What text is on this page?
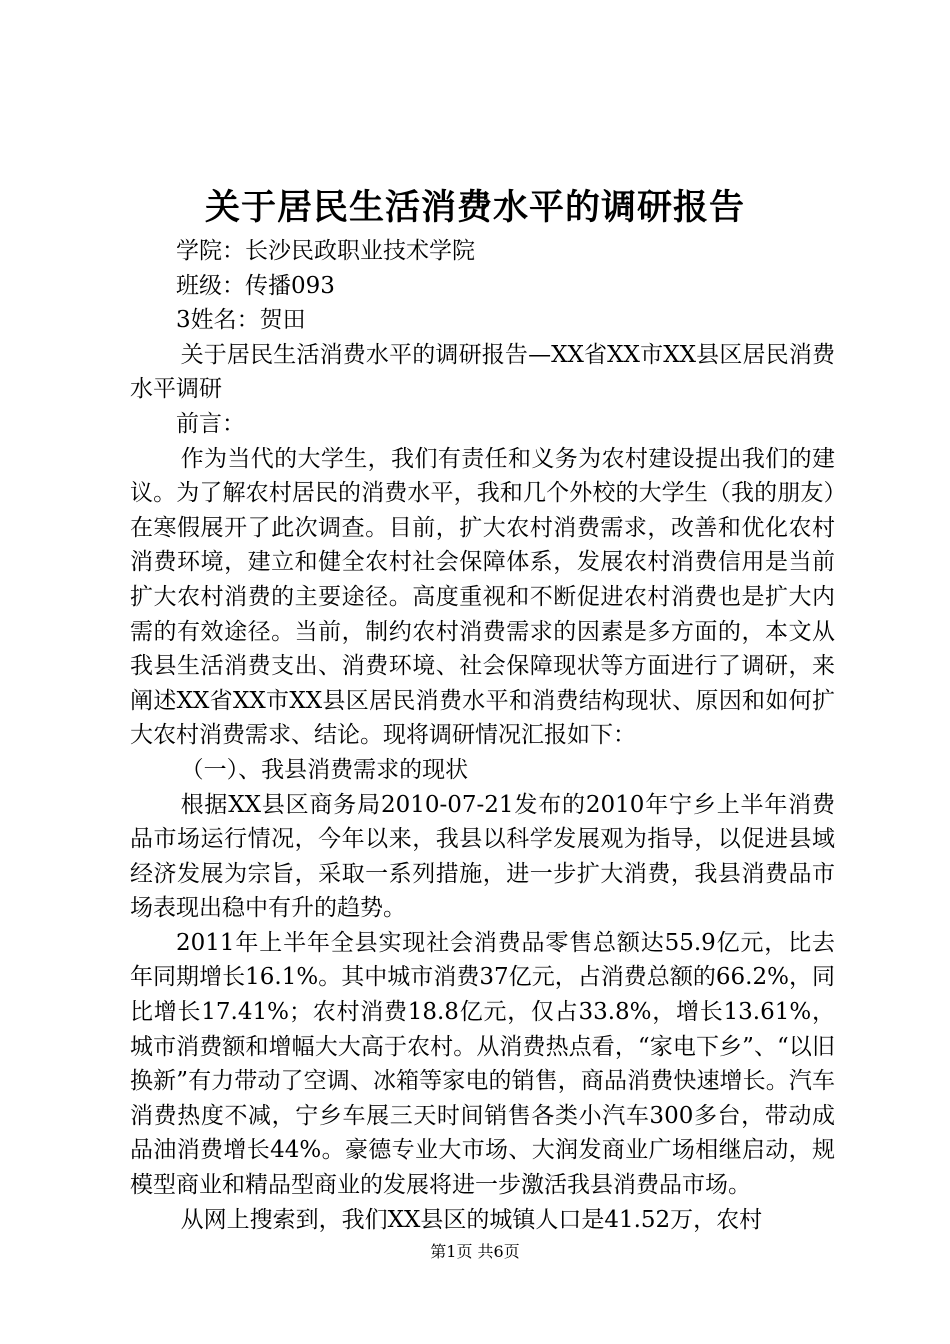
关于居民生活消费水平的调研报告

学院：长沙民政职业技术学院

班级：传播093

3姓名：贺田

关于居民生活消费水平的调研报告—XX省XX市XX县区居民消费水平调研

前言：

作为当代的大学生，我们有责任和义务为农村建设提出我们的建议。为了解农村居民的消费水平，我和几个外校的大学生（我的朋友）在寒假展开了此次调查。目前，扩大农村消费需求，改善和优化农村消费环境，建立和健全农村社会保障体系，发展农村消费信用是当前扩大农村消费的主要途径。高度重视和不断促进农村消费也是扩大内需的有效途径。当前，制约农村消费需求的因素是多方面的，本文从我县生活消费支出、消费环境、社会保障现状等方面进行了调研，来阐述XX省XX市XX县区居民消费水平和消费结构现状、原因和如何扩大农村消费需求、结论。现将调研情况汇报如下：

（一）、我县消费需求的现状

根据XX县区商务局2010-07-21发布的2010年宁乡上半年消费品市场运行情况，今年以来，我县以科学发展观为指导，以促进县域经济发展为宗旨，采取一系列措施，进一步扩大消费，我县消费品市场表现出稳中有升的趋势。

2011年上半年全县实现社会消费品零售总额达55.9亿元，比去年同期增长16.1%。其中城市消费37亿元，占消费总额的66.2%，同比增长17.41%；农村消费18.8亿元，仅占33.8%，增长13.61%，城市消费额和增幅大大高于农村。从消费热点看，“家电下乡”、“以旧换新”有力带动了空调、冰箱等家电的销售，商品消费快速增长。汽车消费热度不减，宁乡车展三天时间销售各类小汽车300多台，带动成品油消费增长44%。豪德专业大市场、大润发商业广场相继启动，规模型商业和精品型商业的发展将进一步激活我县消费品市场。

从网上搜索到，我们XX县区的城镇人口是41.52万，农村

第1页 共6页
